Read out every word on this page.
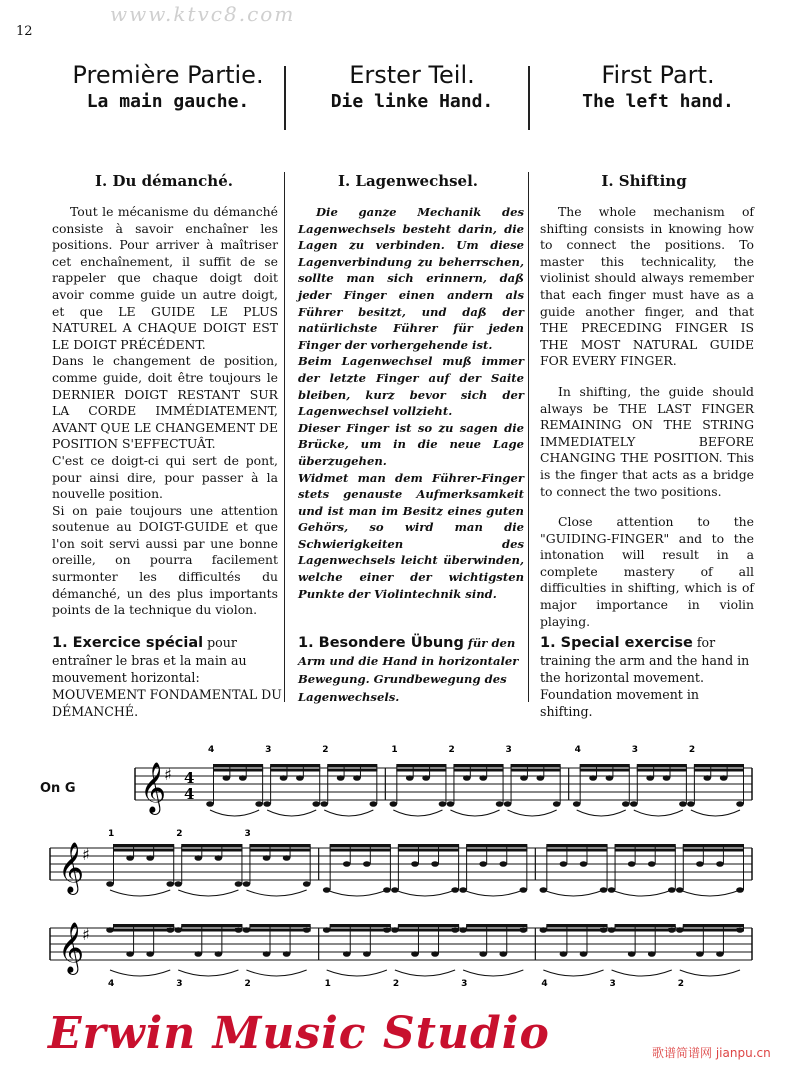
www.ktvc8.com
12
Première Partie.
La main gauche.
I. Du démanché.

Tout le mécanisme du démanché consiste à savoir enchaîner les positions. Pour arriver à maîtriser cet enchaînement, il suffit de se rappeler que chaque doigt doit avoir comme guide un autre doigt, et que LE GUIDE LE PLUS NATUREL A CHAQUE DOIGT EST LE DOIGT PRÉCÉDENT.

Dans le changement de position, comme guide, doit être toujours le DERNIER DOIGT RESTANT SUR LA CORDE IMMÉDIATEMENT, AVANT QUE LE CHANGEMENT DE POSITION S'EFFECTUÂT.

C'est ce doigt-ci qui sert de pont, pour ainsi dire, pour passer à la nouvelle position.

Si on paie toujours une attention soutenue au DOIGT-GUIDE et que l'on soit servi aussi par une bonne oreille, on pourra facilement surmonter les difficultés du démanché, un des plus importants points de la technique du violon.

1. Exercice spécial pour entraîner le bras et la main au mouvement horizontal: MOUVEMENT FONDAMENTAL DU DÉMANCHÉ.
Erster Teil.
Die linke Hand.
I. Lagenwechsel.

Die ganze Mechanik des Lagenwechsels besteht darin, die Lagen zu verbinden. Um diese Lagenverbindung zu beherrschen, sollte man sich erinnern, daß jeder Finger einen andern als Führer besitzt, und daß der natürlichste Führer für jeden Finger der vorhergehende ist.

Beim Lagenwechsel muß immer der letzte Finger auf der Saite bleiben, kurz bevor sich der Lagenwechsel vollzieht.

Dieser Finger ist so zu sagen die Brücke, um in die neue Lage überzugehen.

Widmet man dem Führer-Finger stets genauste Aufmerksamkeit und ist man im Besitz eines guten Gehörs, so wird man die Schwierigkeiten des Lagenwechsels leicht überwinden, welche einer der wichtigsten Punkte der Violintechnik sind.

1. Besondere Übung für den Arm und die Hand in horizontaler Bewegung. Grundbewegung des Lagenwechsels.
First Part.
The left hand.
I. Shifting

The whole mechanism of shifting consists in knowing how to connect the positions. To master this technicality, the violinist should always remember that each finger must have as a guide another finger, and that THE PRECEDING FINGER IS THE MOST NATURAL GUIDE FOR EVERY FINGER.

In shifting, the guide should always be THE LAST FINGER REMAINING ON THE STRING IMMEDIATELY BEFORE CHANGING THE POSITION. This is the finger that acts as a bridge to connect the two positions.

Close attention to the "GUIDING-FINGER" and to the intonation will result in a complete mastery of all difficulties in shifting, which is of major importance in violin playing.

1. Special exercise for training the arm and the hand in the horizontal movement. Foundation movement in shifting.
On G 𝄞
♯ 4
4
4	3	2	1	2	3	4	3	2
𝄞
♯
1	2	3
𝄞
♯
4	3	2	1	2	3	4	3	2
Erwin Music Studio	歌谱简谱网 jianpu.cn
